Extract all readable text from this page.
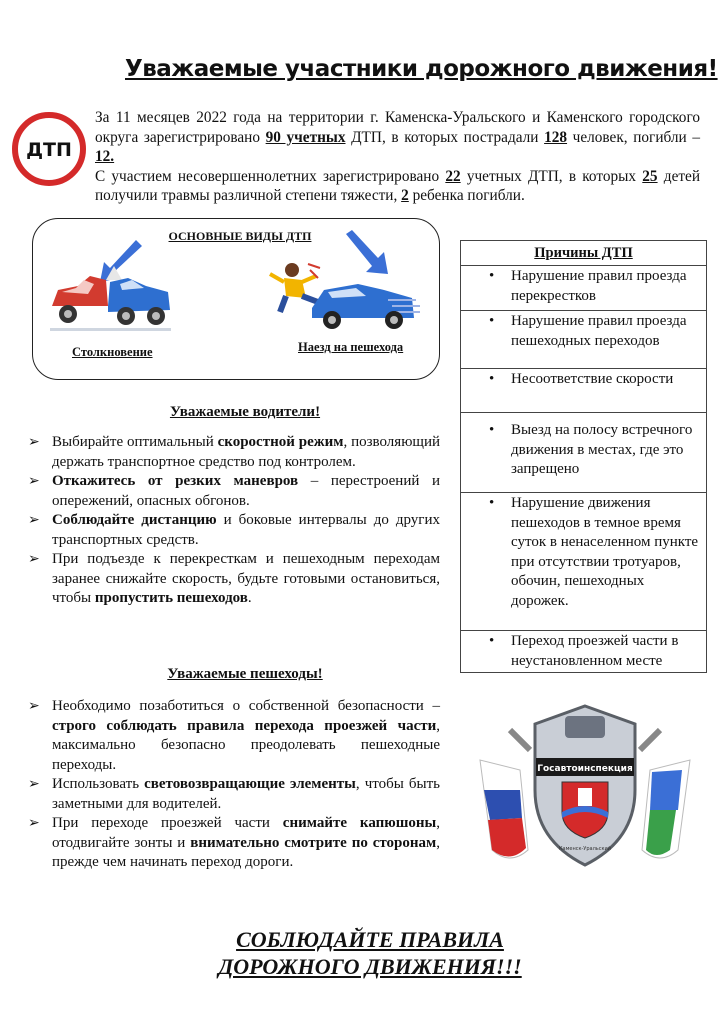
Уважаемые участники дорожного движения!
ДТП

За 11 месяцев 2022 года на территории г. Каменска-Уральского и Каменского городского округа зарегистрировано 90 учетных ДТП, в которых пострадали 128 человек, погибли – 12.

С участием несовершеннолетних зарегистрировано 22 учетных ДТП, в которых 25 детей получили травмы различной степени тяжести, 2 ребенка погибли.

ОСНОВНЫЕ ВИДЫ ДТП
Столкновение	Наезд на пешехода
Уважаемые водители!
➢ Выбирайте оптимальный скоростной режим, позволяющий держать транспортное средство под контролем.
➢ Откажитесь от резких маневров – перестроений и опережений, опасных обгонов.
➢ Соблюдайте дистанцию и боковые интервалы до других транспортных средств.
➢ При подъезде к перекресткам и пешеходным переходам заранее снижайте скорость, будьте готовыми остановиться, чтобы пропустить пешеходов.
Уважаемые пешеходы!
➢ Необходимо позаботиться о собственной безопасности – строго соблюдать правила перехода проезжей части, максимально безопасно преодолевать пешеходные переходы.
➢ Использовать световозвращающие элементы, чтобы быть заметными для водителей.
➢ При переходе проезжей части снимайте капюшоны, отодвигайте зонты и внимательно смотрите по сторонам, прежде чем начинать переход дороги.
Причины ДТП
• Нарушение правил проезда перекрестков
• Нарушение правил проезда пешеходных переходов
• Несоответствие скорости
• Выезд на полосу встречного движения в местах, где это запрещено
• Нарушение движения пешеходов в темное время суток в ненаселенном пункте при отсутствии тротуаров, обочин, пешеходных дорожек.
• Переход проезжей части в неустановленном месте
Госавтоинспекция
Каменск-Уральский
СОБЛЮДАЙТЕ ПРАВИЛА
ДОРОЖНОГО ДВИЖЕНИЯ!!!
